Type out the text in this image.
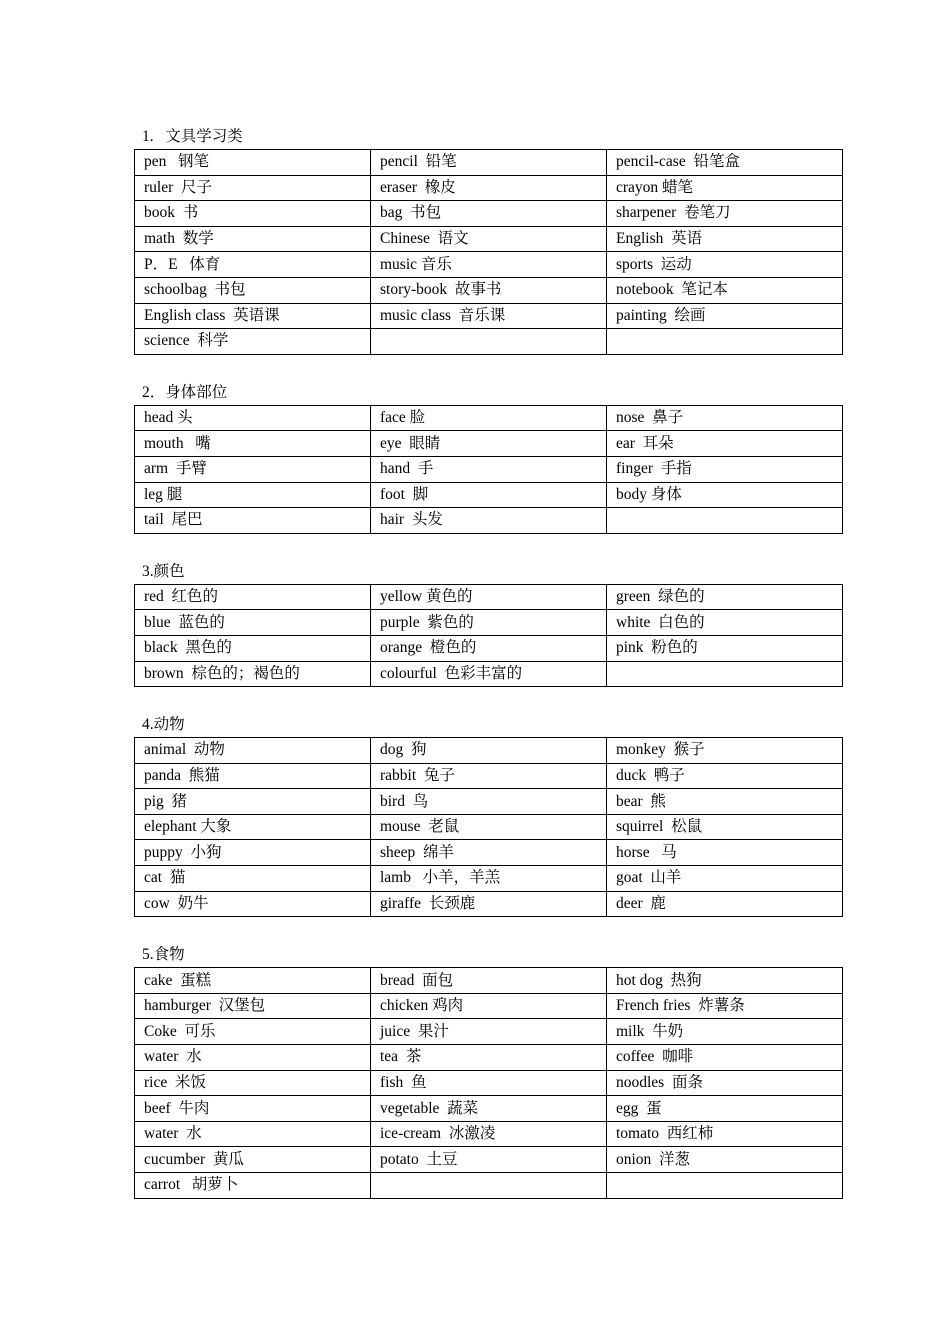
1.   文具学习类
pen   钢笔	pencil  铅笔	pencil-case  铅笔盒
ruler  尺子	eraser  橡皮	crayon 蜡笔
book  书	bag  书包	sharpener  卷笔刀
math  数学	Chinese  语文	English  英语
P．E   体育	music 音乐	sports  运动
schoolbag  书包	story-book  故事书	notebook  笔记本
English class  英语课	music class  音乐课	painting  绘画
science  科学		
2．身体部位
head 头	face 脸	nose  鼻子
mouth   嘴	eye  眼睛	ear  耳朵
arm  手臂	hand  手	finger  手指
leg 腿	foot  脚	body 身体
tail  尾巴	hair  头发	
3.颜色
red  红色的	yellow 黄色的	green  绿色的
blue  蓝色的	purple  紫色的	white  白色的
black  黑色的	orange  橙色的	pink  粉色的
brown  棕色的；褐色的	colourful  色彩丰富的	
4.动物
animal  动物	dog  狗	monkey  猴子
panda  熊猫	rabbit  兔子	duck  鸭子
pig  猪	bird  鸟	bear  熊
elephant 大象	mouse  老鼠	squirrel  松鼠
puppy  小狗	sheep  绵羊	horse   马
cat  猫	lamb   小羊，羊羔	goat  山羊
cow  奶牛	giraffe  长颈鹿	deer  鹿
5.食物
cake  蛋糕	bread  面包	hot dog  热狗
hamburger  汉堡包	chicken 鸡肉	French fries  炸薯条
Coke  可乐	juice  果汁	milk  牛奶
water  水	tea  茶	coffee  咖啡
rice  米饭	fish  鱼	noodles  面条
beef  牛肉	vegetable  蔬菜	egg  蛋
water  水	ice-cream  冰激凌	tomato  西红柿
cucumber  黄瓜	potato  土豆	onion  洋葱
carrot   胡萝卜		
